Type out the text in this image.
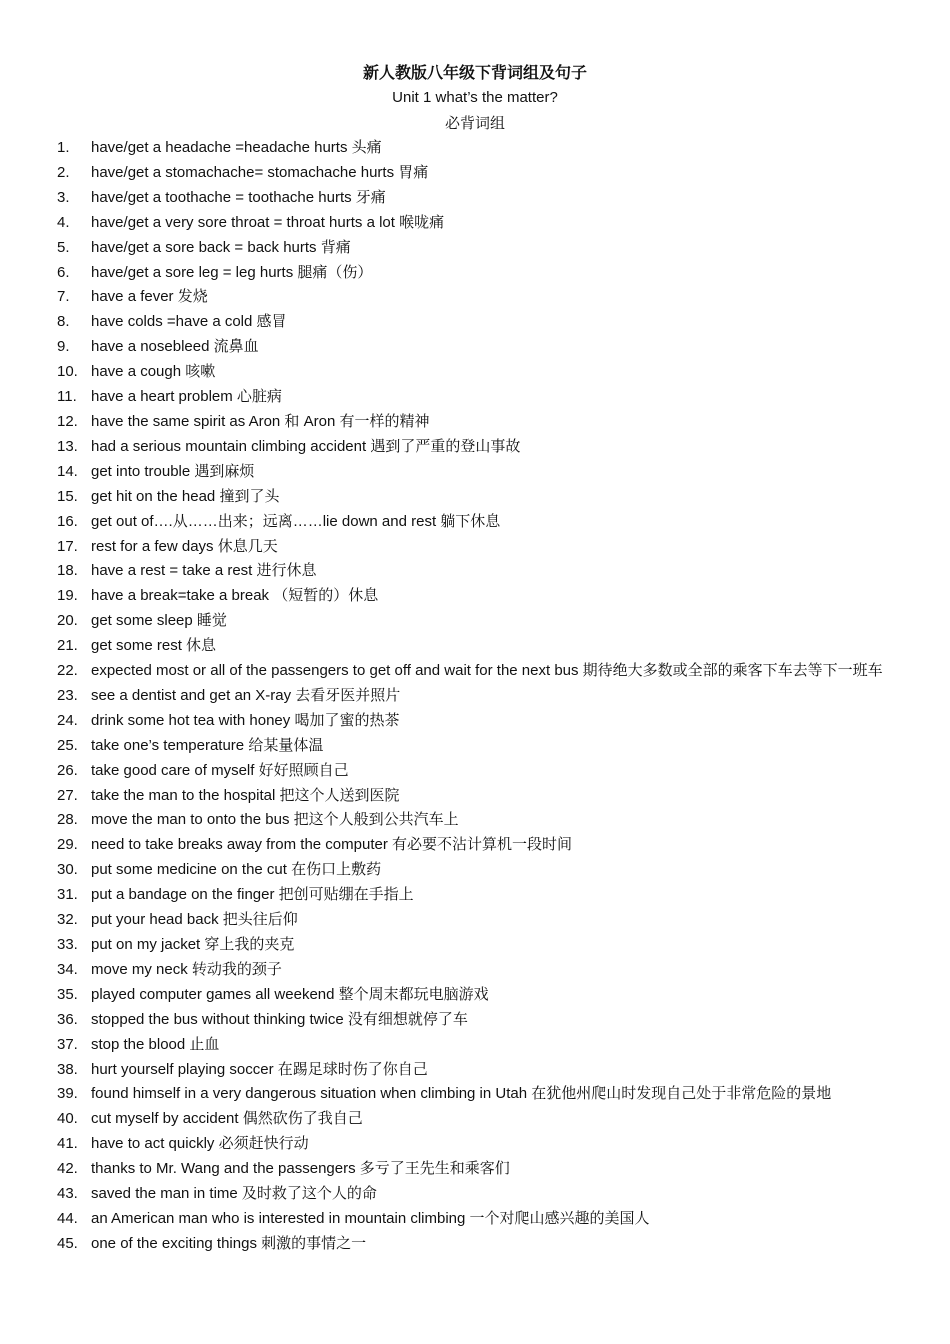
新人教版八年级下背词组及句子
Unit 1 what’s the matter?
必背词组
1. have/get a headache =headache hurts 头痛
2. have/get a stomachache= stomachache hurts 胃痛
3. have/get a toothache = toothache hurts 牙痛
4. have/get a very sore throat = throat hurts a lot 喉咙痛
5. have/get a sore back = back hurts 背痛
6. have/get a sore leg = leg hurts 腿痛（伤）
7. have a fever 发烧
8. have colds =have a cold 感冒
9. have a nosebleed 流鼻血
10. have a cough 咳嗽
11. have a heart problem 心脏病
12. have the same spirit as Aron 和 Aron 有一样的精神
13. had a serious mountain climbing accident 遇到了严重的登山事故
14. get into trouble 遇到麻烦
15. get hit on the head 撞到了头
16. get out of….从……出来；远离……lie down and rest 躺下休息
17. rest for a few days 休息几天
18. have a rest = take a rest 进行休息
19. have a break=take a break （短暂的）休息
20. get some sleep 睡觉
21. get some rest 休息
22. expected most or all of the passengers to get off and wait for the next bus 期待绝大多数或全部的乘客下车去等下一班车
23. see a dentist and get an X-ray 去看牙医并照片
24. drink some hot tea with honey 喝加了蜜的热茶
25. take one’s temperature 给某量体温
26. take good care of myself 好好照顾自己
27. take the man to the hospital 把这个人送到医院
28. move the man to onto the bus 把这个人般到公共汽车上
29. need to take breaks away from the computer 有必要不沾计算机一段时间
30. put some medicine on the cut 在伤口上敷药
31. put a bandage on the finger 把创可贴绷在手指上
32. put your head back 把头往后仰
33. put on my jacket 穿上我的夹克
34. move my neck 转动我的颈子
35. played computer games all weekend 整个周末都玩电脑游戏
36. stopped the bus without thinking twice 没有细想就停了车
37. stop the blood 止血
38. hurt yourself playing soccer 在踢足球时伤了你自己
39. found himself in a very dangerous situation when climbing in Utah 在犹他州爬山时发现自己处于非常危险的景地
40. cut myself by accident 偶然砍伤了我自己
41. have to act quickly 必须赶快行动
42. thanks to Mr. Wang and the passengers 多亏了王先生和乘客们
43. saved the man in time 及时救了这个人的命
44. an American man who is interested in mountain climbing 一个对爬山感兴趣的美国人
45. one of the exciting things 刺激的事情之一
